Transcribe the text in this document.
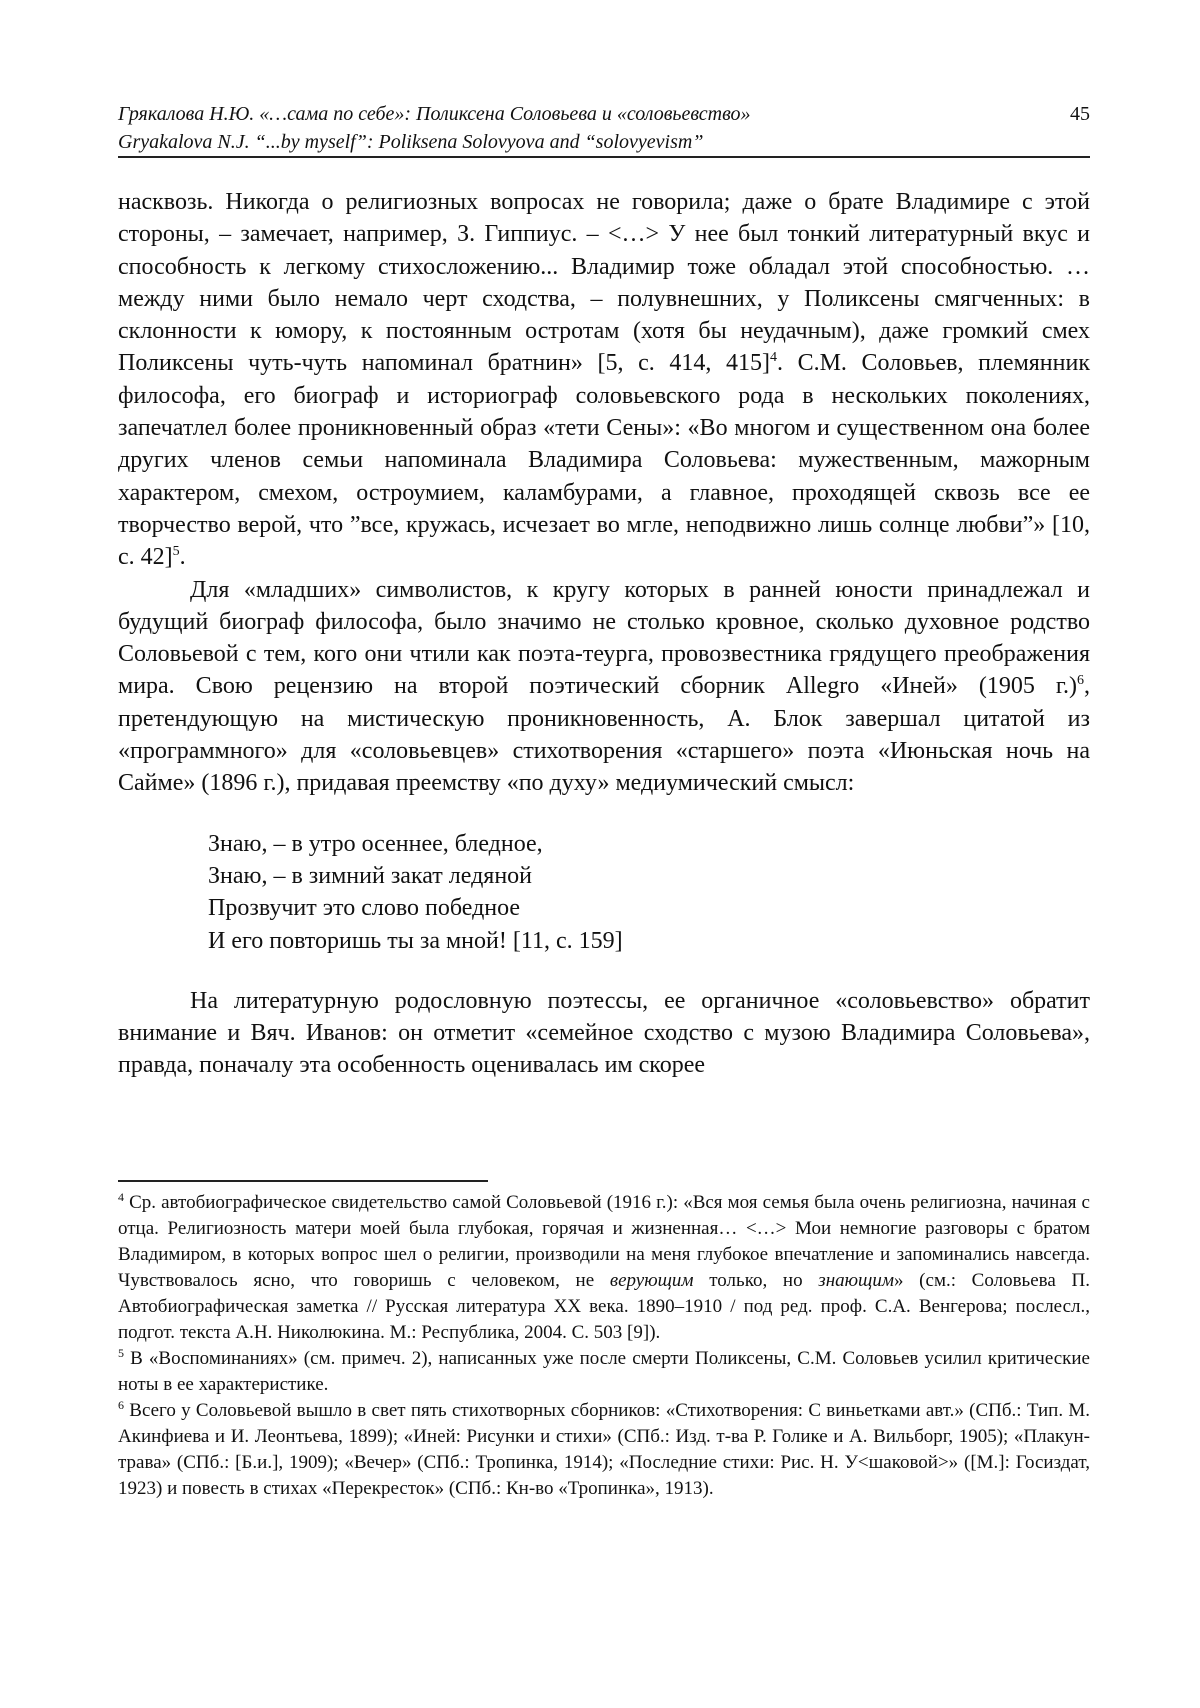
Грякалова Н.Ю. «…сама по себе»: Поликсена Соловьева и «соловьевство»
Gryakalova N.J. “...by myself”: Poliksena Solovyova and “solovyevism”
45

насквозь. Никогда о религиозных вопросах не говорила; даже о брате Владимире с этой стороны, – замечает, например, З. Гиппиус. – <…> У нее был тонкий литературный вкус и способность к легкому стихосложению... Владимир тоже обладал этой способностью. …между ними было немало черт сходства, – полувнешних, у Поликсены смягченных: в склонности к юмору, к постоянным остротам (хотя бы неудачным), даже громкий смех Поликсены чуть-чуть напоминал братнин» [5, с. 414, 415]$^4$. С.М. Соловьев, племянник философа, его биограф и историограф соловьевского рода в нескольких поколениях, запечатлел более проникновенный образ «тети Сены»: «Во многом и существенном она более других членов семьи напоминала Владимира Соловьева: мужественным, мажорным характером, смехом, остроумием, каламбурами, а главное, проходящей сквозь все ее творчество верой, что ”все, кружась, исчезает во мгле, неподвижно лишь солнце любви”» [10, с. 42]$^5$.

Для «младших» символистов, к кругу которых в ранней юности принадлежал и будущий биограф философа, было значимо не столько кровное, сколько духовное родство Соловьевой с тем, кого они чтили как поэта-теурга, провозвестника грядущего преображения мира. Свою рецензию на второй поэтический сборник Allegro «Иней» (1905 г.)$^6$, претендующую на мистическую проникновенность, А. Блок завершал цитатой из «программного» для «соловьевцев» стихотворения «старшего» поэта «Июньская ночь на Сайме» (1896 г.), придавая преемству «по духу» медиумический смысл:

Знаю, – в утро осеннее, бледное,
Знаю, – в зимний закат ледяной
Прозвучит это слово победное
И его повторишь ты за мной! [11, с. 159]

На литературную родословную поэтессы, ее органичное «соловьевство» обратит внимание и Вяч. Иванов: он отметит «семейное сходство с музою Владимира Соловьева», правда, поначалу эта особенность оценивалась им скорее

$^4$ Ср. автобиографическое свидетельство самой Соловьевой (1916 г.): «Вся моя семья была очень религиозна, начиная с отца. Религиозность матери моей была глубокая, горячая и жизненная… <…> Мои немногие разговоры с братом Владимиром, в которых вопрос шел о религии, производили на меня глубокое впечатление и запоминались навсегда. Чувствовалось ясно, что говоришь с человеком, не верующим только, но знающим» (см.: Соловьева П. Автобиографическая заметка // Русская литература XX века. 1890–1910 / под ред. проф. С.А. Венгерова; послесл., подгот. текста А.Н. Николюкина. М.: Республика, 2004. С. 503 [9]).

$^5$ В «Воспоминаниях» (см. примеч. 2), написанных уже после смерти Поликсены, С.М. Соловьев усилил критические ноты в ее характеристике.

$^6$ Всего у Соловьевой вышло в свет пять стихотворных сборников: «Стихотворения: С виньетками авт.» (СПб.: Тип. М. Акинфиева и И. Леонтьева, 1899); «Иней: Рисунки и стихи» (СПб.: Изд. т-ва Р. Голике и А. Вильборг, 1905); «Плакун-трава» (СПб.: [Б.и.], 1909); «Вечер» (СПб.: Тропинка, 1914); «Последние стихи: Рис. Н. У<шаковой>» ([М.]: Госиздат, 1923) и повесть в стихах «Перекресток» (СПб.: Кн-во «Тропинка», 1913).
